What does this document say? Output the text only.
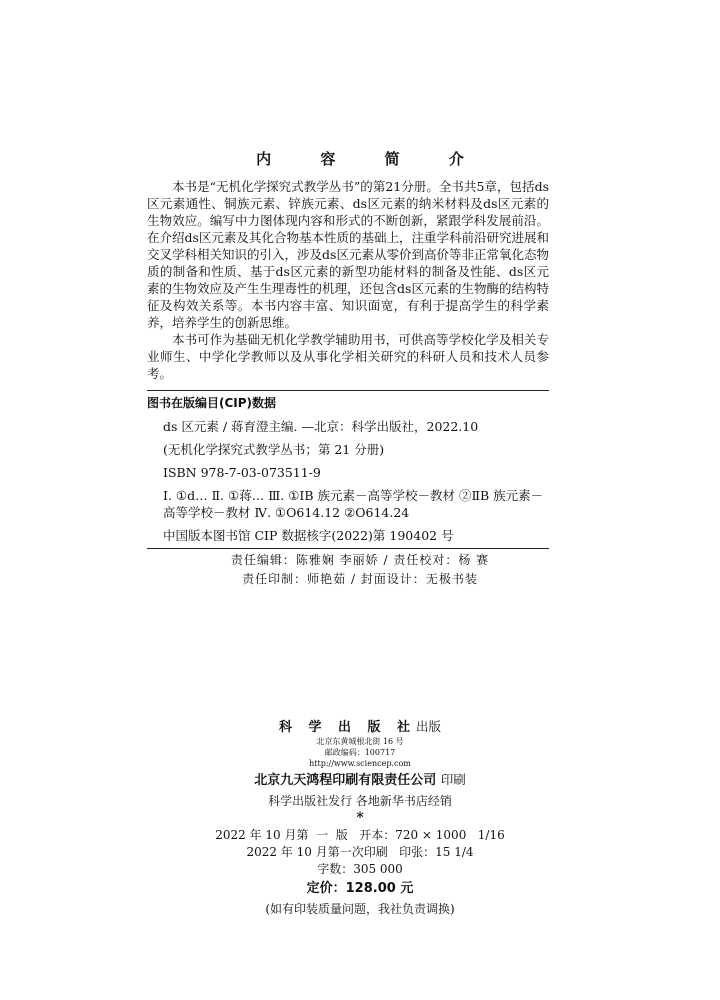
内 容 简 介

本书是“无机化学探究式教学丛书”的第21分册。全书共5章，包括ds区元素通性、铜族元素、锌族元素、ds区元素的纳米材料及ds区元素的生物效应。编写中力图体现内容和形式的不断创新，紧跟学科发展前沿。在介绍ds区元素及其化合物基本性质的基础上，注重学科前沿研究进展和交叉学科相关知识的引入，涉及ds区元素从零价到高价等非正常氧化态物质的制备和性质、基于ds区元素的新型功能材料的制备及性能、ds区元素的生物效应及产生生理毒性的机理，还包含ds区元素的生物酶的结构特征及构效关系等。本书内容丰富、知识面宽，有利于提高学生的科学素养，培养学生的创新思维。

本书可作为基础无机化学教学辅助用书，可供高等学校化学及相关专业师生、中学化学教师以及从事化学相关研究的科研人员和技术人员参考。

图书在版编目(CIP)数据
ds 区元素 / 蒋育澄主编. —北京：科学出版社，2022.10
(无机化学探究式教学丛书；第 21 分册)
ISBN 978-7-03-073511-9
Ⅰ. ①d… Ⅱ. ①蒋… Ⅲ. ①ⅠB 族元素－高等学校－教材 ②ⅡB 族元素－高等学校－教材 Ⅳ. ①O614.12 ②O614.24
中国版本图书馆 CIP 数据核字(2022)第 190402 号
责任编辑：陈雅娴 李丽娇 / 责任校对：杨 赛
责任印制：师艳茹 / 封面设计：无极书装
科 学 出 版 社出版
北京东黄城根北街 16 号
邮政编码：100717
http://www.sciencep.com
北京九天鸿程印刷有限责任公司 印刷
科学出版社发行 各地新华书店经销
*
2022 年 10 月第  一  版   开本：720 × 1000   1/16
2022 年 10 月第一次印刷   印张：15 1/4
字数：305 000
定价：128.00 元
(如有印装质量问题，我社负责调换)
